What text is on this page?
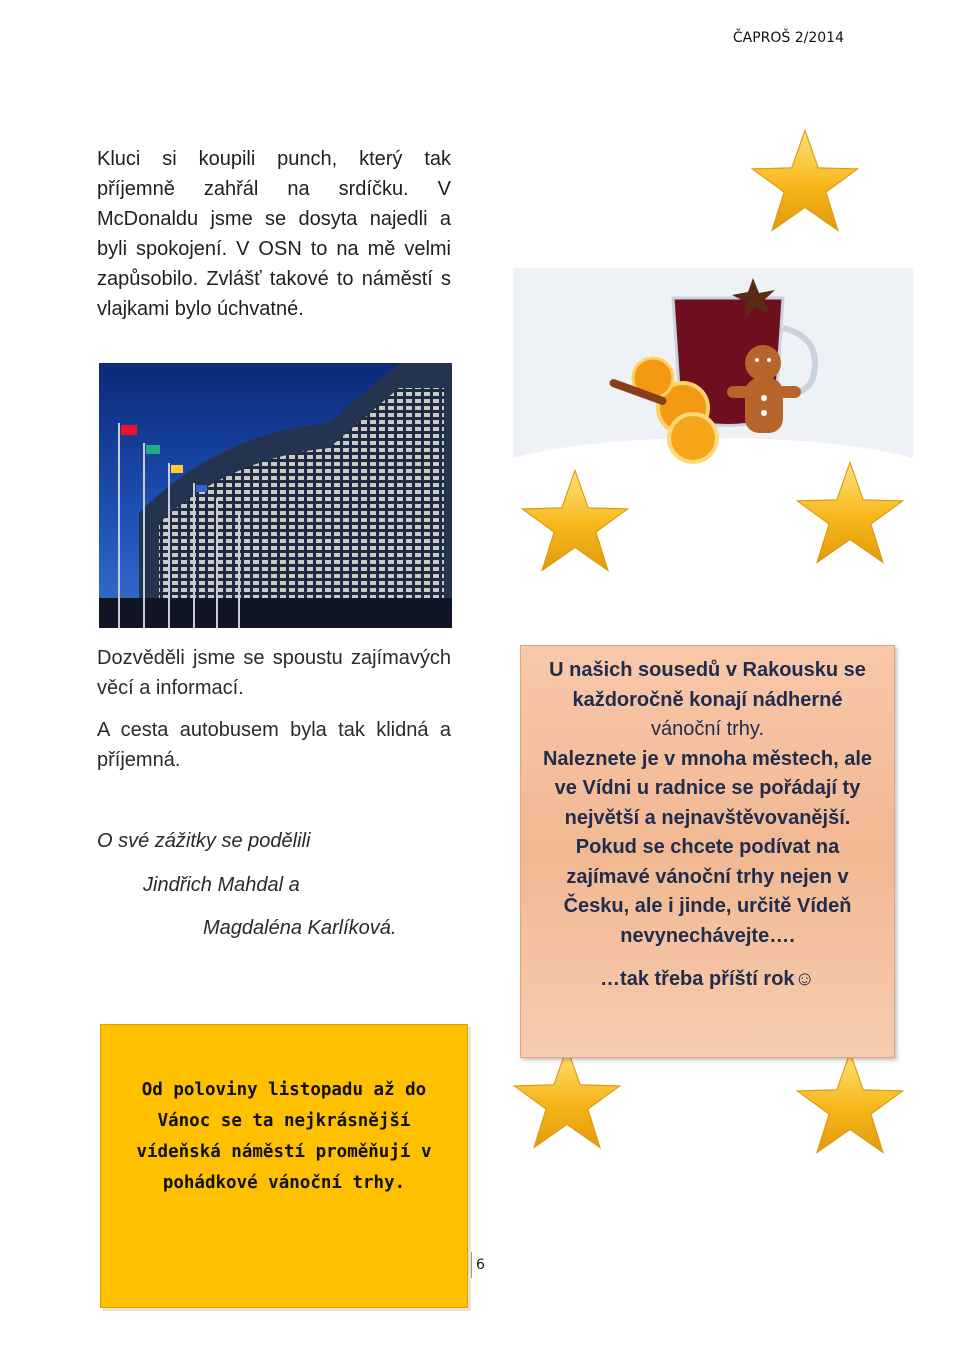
ČAPROŠ 2/2014
Kluci si koupili punch, který tak příjemně zahřál na srdíčku. V McDonaldu jsme se dosyta najedli a byli spokojení. V OSN to na mě velmi zapůsobilo. Zvlášť takové to náměstí s vlajkami bylo úchvatné.
Dozvěděli jsme se spoustu zajímavých věcí a informací.
A cesta autobusem byla tak klidná a příjemná.
O své zážitky se podělili
Jindřich Mahdal a
Magdaléna Karlíková.

U našich sousedů v Rakousku se každoročně konají nádherné vánoční trhy.

Naleznete je v mnoha městech, ale ve Vídni u radnice se pořádají ty největší a nejnavštěvovanější. Pokud se chcete podívat na zajímavé vánoční trhy nejen v Česku, ale i jinde, určitě Vídeň nevynechávejte….

…tak třeba příští rok☺

Od poloviny listopadu až do Vánoc se ta nejkrásnější vídeňská náměstí proměňují v pohádkové vánoční trhy.

6
